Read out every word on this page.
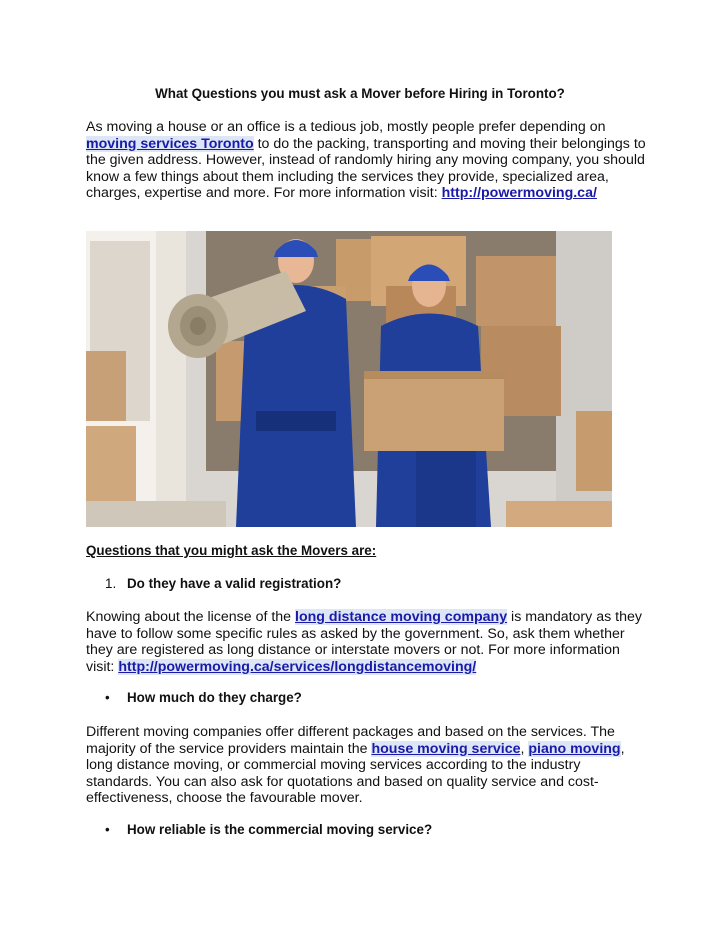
What Questions you must ask a Mover before Hiring in Toronto?
As moving a house or an office is a tedious job, mostly people prefer depending on moving services Toronto to do the packing, transporting and moving their belongings to the given address. However, instead of randomly hiring any moving company, you should know a few things about them including the services they provide, specialized area, charges, expertise and more. For more information visit: http://powermoving.ca/
Questions that you might ask the Movers are:
1. Do they have a valid registration?
Knowing about the license of the long distance moving company is mandatory as they have to follow some specific rules as asked by the government. So, ask them whether they are registered as long distance or interstate movers or not. For more information visit: http://powermoving.ca/services/longdistancemoving/
• How much do they charge?
Different moving companies offer different packages and based on the services. The majority of the service providers maintain the house moving service, piano moving, long distance moving, or commercial moving services according to the industry standards. You can also ask for quotations and based on quality service and cost-effectiveness, choose the favourable mover.
• How reliable is the commercial moving service?
